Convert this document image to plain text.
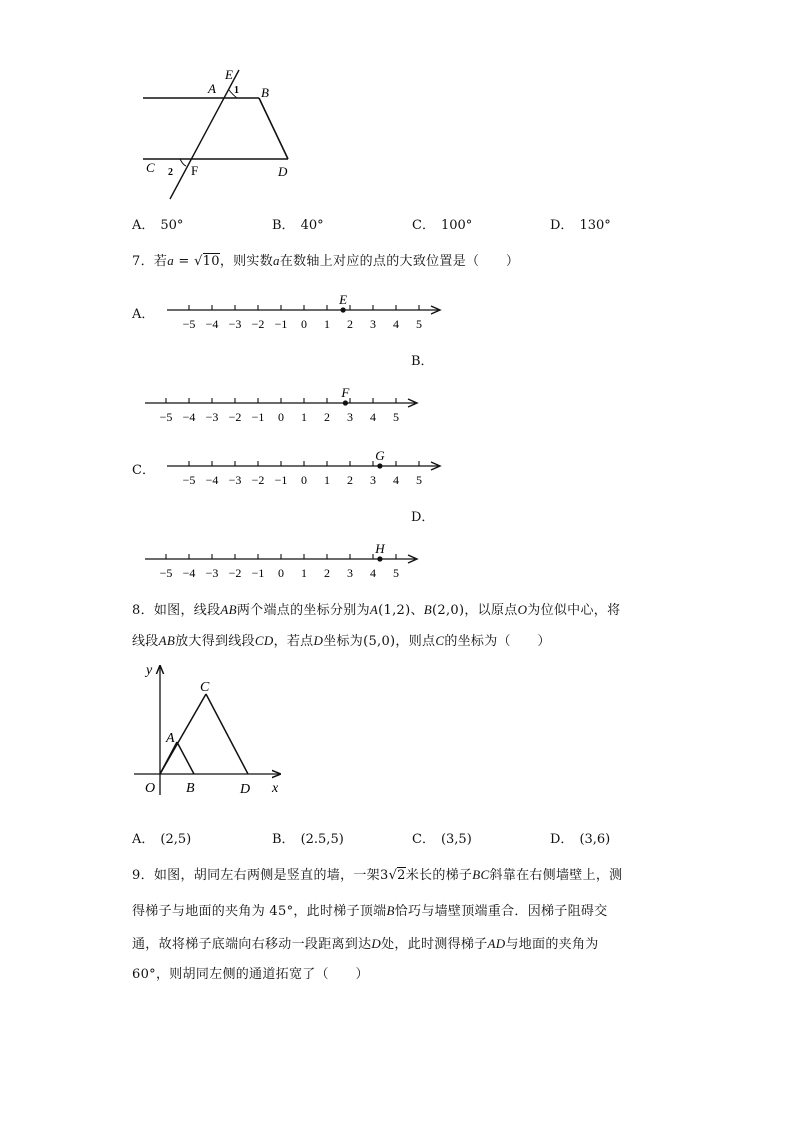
E
A 1 B
C 2 F	D
A． 50°	B． 40°	C． 100°	D． 130°
7．若a = √10，则实数a在数轴上对应的点的大致位置是（　　）
A．
B．
C．
D．
−5 −4 −3 −2 −1 0 1 2 3 4 5
E
−5 −4 −3 −2 −1 0 1 2 3 4 5
F
−5 −4 −3 −2 −1 0 1 2 3 4 5
G
−5 −4 −3 −2 −1 0 1 2 3 4 5
H
8．如图，线段AB两个端点的坐标分别为A(1,2)、B(2,0)，以原点O为位似中心，将
线段AB放大得到线段CD，若点D坐标为(5,0)，则点C的坐标为（　　）
y
x
O
A
B
C
D
A． (2,5)	B． (2.5,5)	C． (3,5)	D． (3,6)
9．如图，胡同左右两侧是竖直的墙，一架3√2米长的梯子BC斜靠在右侧墙壁上，测
得梯子与地面的夹角为 45°，此时梯子顶端B恰巧与墙壁顶端重合．因梯子阻碍交
通，故将梯子底端向右移动一段距离到达D处，此时测得梯子AD与地面的夹角为
60°，则胡同左侧的通道拓宽了（　　）
